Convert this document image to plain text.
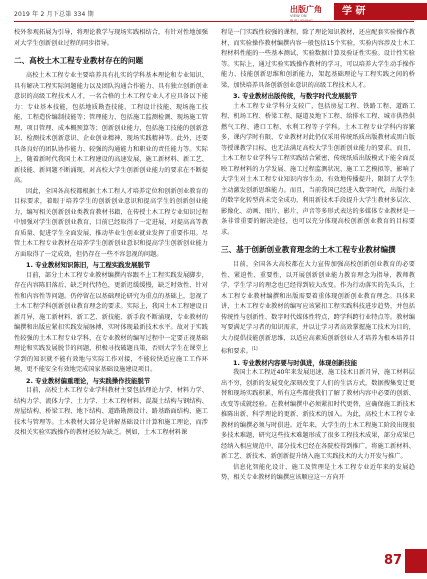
2019 年 2 月下总第 334 期
出版广角
VIEW ON	学 研

校外参观拓展为引导，将理论教学与现场实践相结合，有针对性地加强对大学生创新创业过程的同步指导。

二、高校土木工程专业教材存在的问题

高校土木工程专业主要培养具有扎实的学科基本理论和专业知识、具有解决工程实际问题能力以及团队沟通合作能力、具有独立创新创业意识的高级工程技术人才，一名合格的土木工程专业人才应具备以下能力：专业基本技能，包括地质勘查技能、工程设计技能、现场施工技能、工程造价编制技能等；管理能力，包括施工监测检测、现场施工管理、项目管理、成本概预算等；创新创业能力，包括施工技能的创新意识、检测技术创新意识、企业创业精神、现场实践精神等。此外，还要具备良好的团队协作能力、较强的沟通能力和职业的责任能力等。实际上，随着新时代我国土木工程建设的高速发展，施工新材料、新工艺、新技能、新问题不断涌现，对高校大学生创新创业能力的要求在不断提高。

因此，全国各高校都根据土木工程人才培养定位和创新创业教育的目标要求，着眼于培养学生的创新创业意识和提高学生的创新创业能力，编写相关创新创业类教育教材书籍，在传授土木工程专业知识过程中加强对学生创新创业教育，目前已经取得了一定进展，对提高高等教育质量、促进学生全面发展、推动毕业生创业就业发挥了重要作用。尽管土木工程专业教材在培养学生创新创业意识和提高学生创新创业能力方面取得了一定成效，但仍存在一些不容忽视的问题。

1. 专业教材知识陈旧，与工程实践发展脱节

目前，部分土木工程专业教材编撰内容跟不上工程实践发展脚步，存在内容陈旧落后、缺乏时代特色，更新迟缓缓慢，缺乏时效性、针对性和内容性等问题。仍停留在以基础理论研究为重点的基础上，忽视了土木工程学科创新创业教育理念的要求。实际上，我国土木工程建设日新月异，施工新材料、新工艺、新技能、新手段不断涌现，专业教材的编撰和出版应紧扣实践发展脉搏，实时体现最新技术水平。故对于实践性较强的土木工程专业学科，在专业教材的编写过程中一定要正视基础理论和实践发展脱节的问题，积极寻找破题良策，否则大学生在课堂上学到的知识就不能有效地与实际工作对接，不能较快适应施工工作环境，更不能安全有效地完成国家基础设施建设项目。

2. 专业教材偏重理论，与实践操作技能脱节

目前，高校土木工程专业学科教材主要包括理论力学、材料力学、结构力学、流体力学、土力学、土木工程材料、混凝土结构与钢结构、房屋结构、桥梁工程、地下结构、道路勘测设计、路基路面结构、施工技术与管理等。土木教材大部分是讲解基础设计计算和施工理论，而涉及相关实验实践操作的教材还较为缺乏。例如，土木工程材料课

程是一门实践性较强的课程，除了理论知识教材，还应配套实验操作教材，而实验操作教材编撰内容一般包括15个实验，实验内容涉及土木工程材料性能的一些基本测试，实验数据计算及验证性实验。设计性实验等。实际上，通过实验实践操作教材的学习，可以培养大学生动手操作能力、技能创新思维和创新能力，架起基础理论与工程实践之间的桥梁，加快培养具备创新创业意识的高级工程技术人才。

3. 专业教材出版传统，与数字时代发展脱节

土木工程专业学科分支较广，包括房屋工程、铁路工程、道路工程、机场工程、桥梁工程、隧道及地下工程、给排水工程、城市供热供燃气工程、港口工程、水利工程等子学科。土木工程专业学科内容繁多，课内学时有限，专业教材对此仍仅采用传统纸质出版教材或黑白版等授课教学目标，也无法满足高校大学生创新创业能力的要求。而且，土木工程专业学科与工程实践结合紧密，传统纸质出版模式下能全面反映工程材料的力学发展、施工过程监测状况、施工工艺模拟等，影响了大学生对土木工程专业知识内容生动、有效地传播提升，限制了大学生主动激发创新思维能力。而且，当前我国已经进入数字时代，出版行业的数字化转型尚未完全成功，利用新技术手段提升大学生教材多层次、影像化、动画、图片、影片、声音等多形式表达的多媒体专业教材是一条非常重要的解决途径，也可以充分体现高校创新创业教育的目标要求。

三、基于创新创业教育理念的土木工程专业教材编撰

目前，全国各大高校都在大力宣传加强高校创新创业教育的必要性、紧迫性、重要性，以开展创新创业能力教育理念为指导，教师教学、学生学习的理念也已经得到较大改变。作为行动落实的先头兵，土木工程专业教材编撰和出版需要着重体现创新创业教育理念。具体来讲，土木工程专业教材的编写应该紧扣工程实践科技进步趋势，并包括传统性与创新性、数字时代媒体性特点，跨学科跨行业特点等。教材编写要满足学习者的知识需求，并以让学习者高效掌握施工技术为目的，大力提倡技能创新思维，以适应高素质创新创业人才培养为根本培养目标和要求。[1]

1. 专业教材内容要与时俱进，体现创新技能

我国土木工程近40年来发展迅速，施工技术日新月异，施工材料层出不穷，创新的发展变化深刻改变了人们的生活方式，数据搜集变迁更替和现场实践积累，所有这些都使我们了解了教材内容中必要的创新、改变等成就经验。在教材编撰中必须紧扣时代更替，应确保施工新技术推陈出新、科学理论的更新、新技术的加入。为此，高校土木工程专业教材的编撰必须与时俱进。近年来，大学生的土木工程施工阶段出现很多技术难题，研究这些技术难题形成了很多工程技术成果，部分成果已经纳入相应规范中，部分技术已经在各院校得到推广，将施工新材料、新工艺、新技术、新创新提升纳入施工实践技术的大力开发与推广。

信息化智能化设计、施工及管理是土木工程专业近年来的发展趋势，相关专业教材的编撰应该顺应这一方向开

87
